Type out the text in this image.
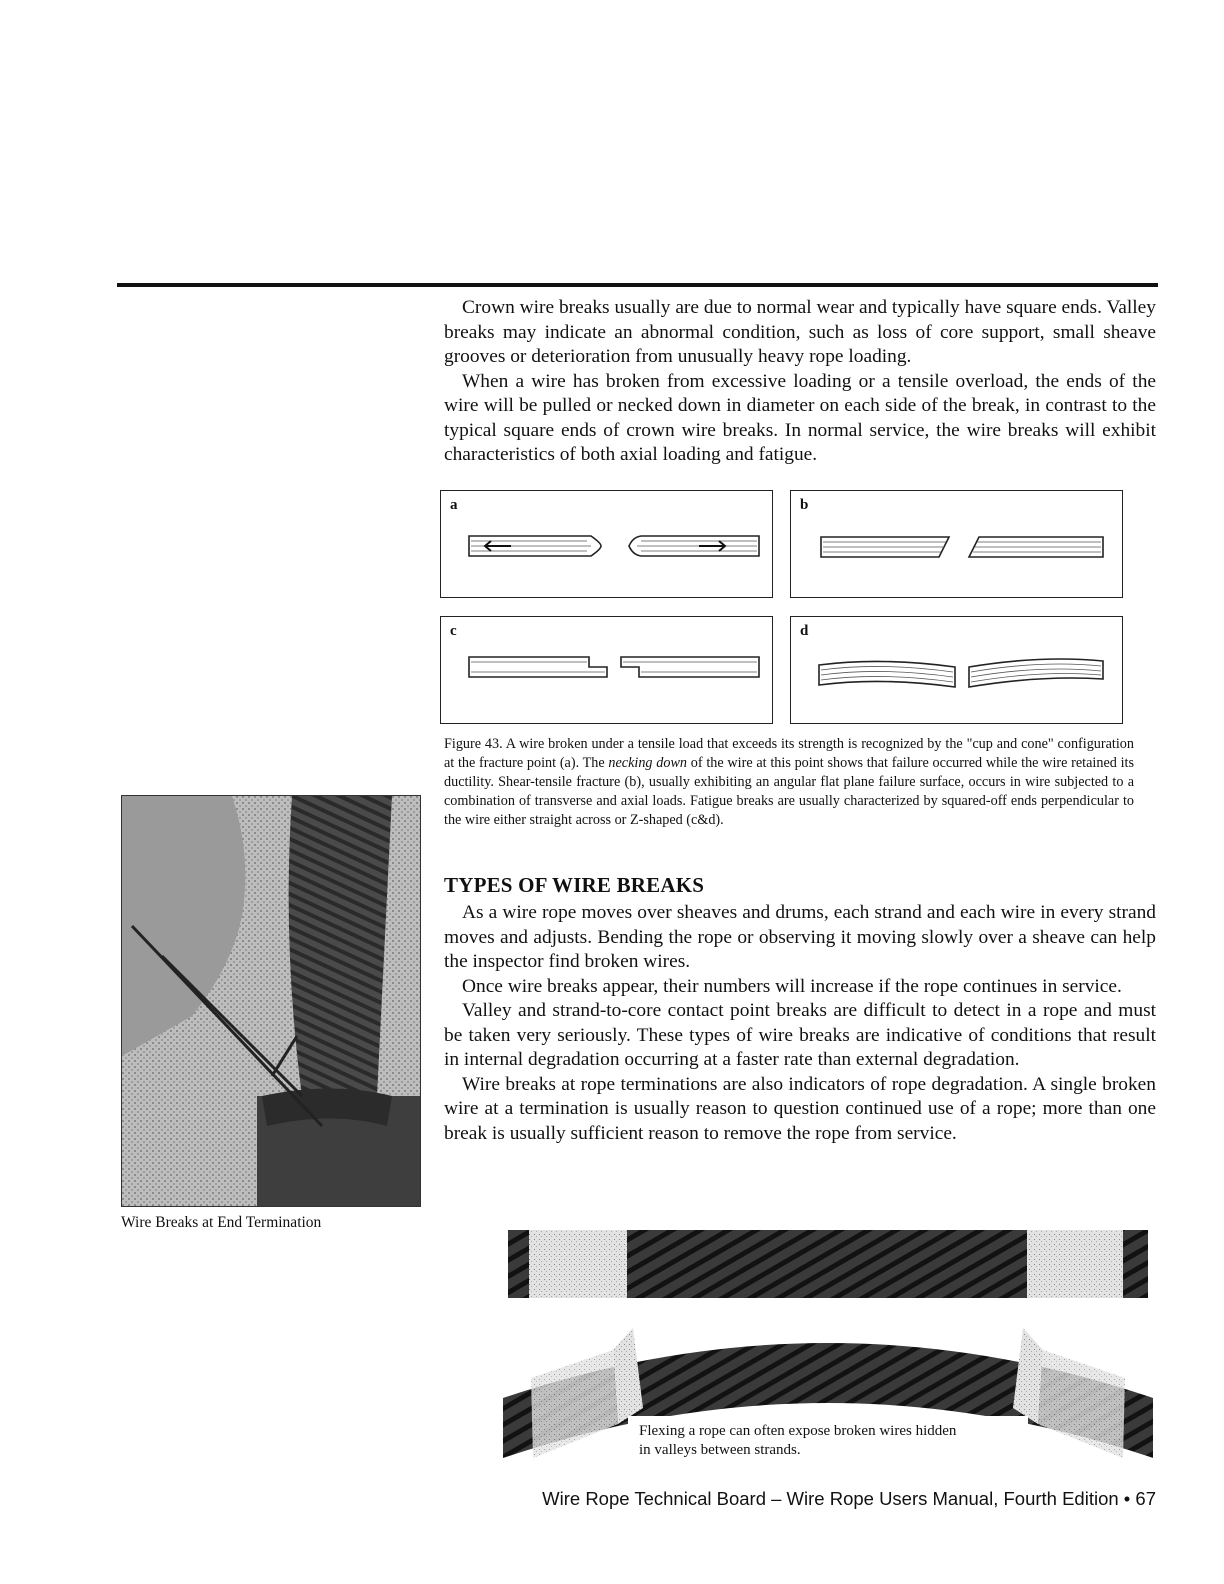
Crown wire breaks usually are due to normal wear and typically have square ends. Valley breaks may indicate an abnormal condition, such as loss of core support, small sheave grooves or deterioration from unusually heavy rope loading.

When a wire has broken from excessive loading or a tensile overload, the ends of the wire will be pulled or necked down in diameter on each side of the break, in contrast to the typical square ends of crown wire breaks. In normal service, the wire breaks will exhibit characteristics of both axial loading and fatigue.

a	b
c	d
Figure 43. A wire broken under a tensile load that exceeds its strength is recognized by the "cup and cone" configuration at the fracture point (a). The necking down of the wire at this point shows that failure occurred while the wire retained its ductility. Shear-tensile fracture (b), usually exhibiting an angular flat plane failure surface, occurs in wire subjected to a combination of transverse and axial loads. Fatigue breaks are usually characterized by squared-off ends perpendicular to the wire either straight across or Z-shaped (c&d).
Wire Breaks at End Termination
Flexing a rope can often expose broken wires hidden
in valleys between strands.
TYPES OF WIRE BREAKS

As a wire rope moves over sheaves and drums, each strand and each wire in every strand moves and adjusts. Bending the rope or observing it moving slowly over a sheave can help the inspector find broken wires.

Once wire breaks appear, their numbers will increase if the rope continues in service.

Valley and strand-to-core contact point breaks are difficult to detect in a rope and must be taken very seriously. These types of wire breaks are indicative of conditions that result in internal degradation occurring at a faster rate than external degradation.

Wire breaks at rope terminations are also indicators of rope degradation. A single broken wire at a termination is usually reason to question continued use of a rope; more than one break is usually sufficient reason to remove the rope from service.

Wire Rope Technical Board – Wire Rope Users Manual, Fourth Edition • 67
